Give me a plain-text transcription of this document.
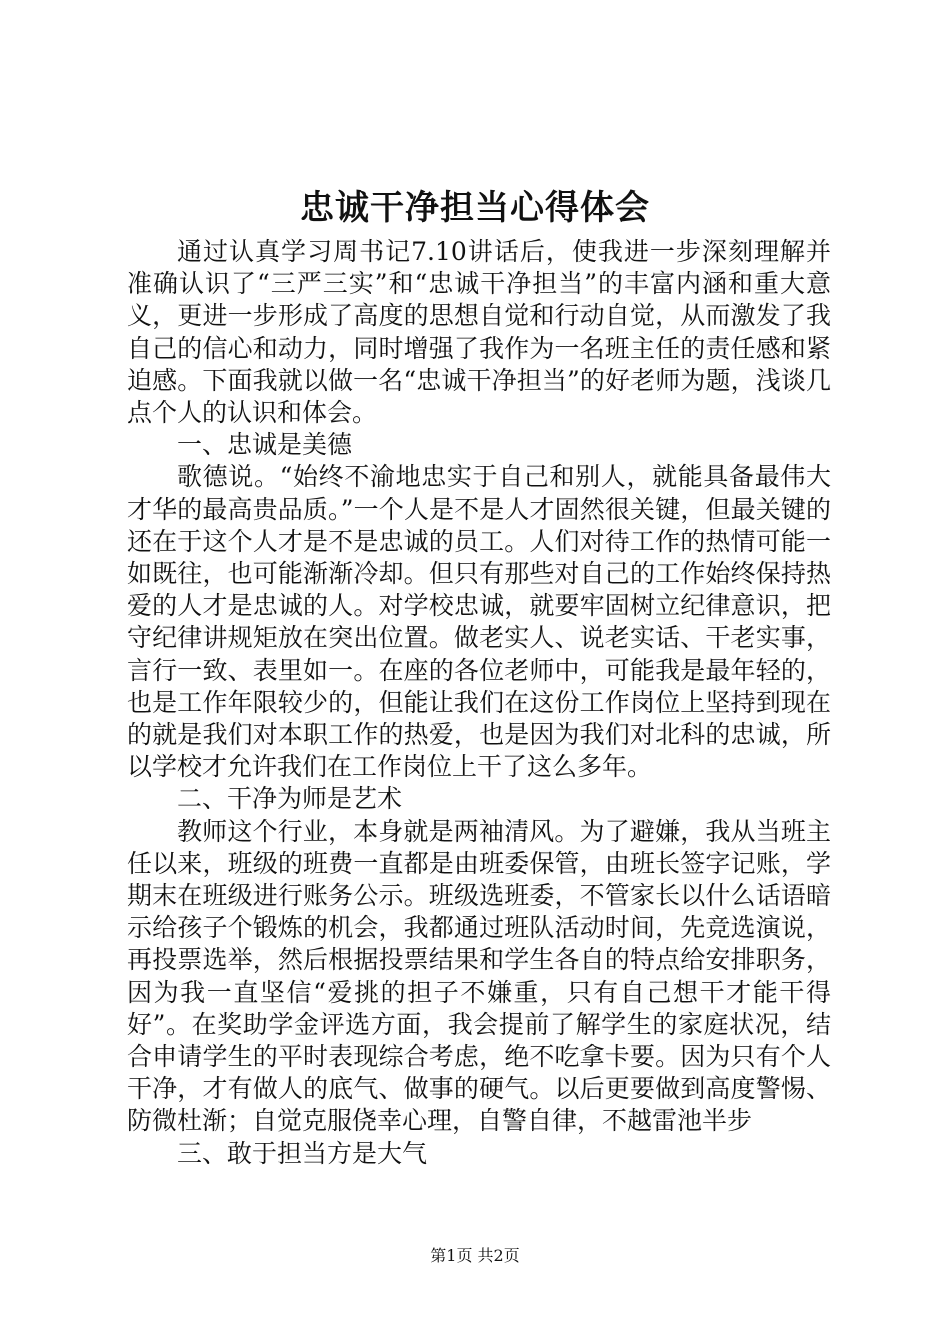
忠诚干净担当心得体会

通过认真学习周书记7.10讲话后，使我进一步深刻理解并准确认识了“三严三实”和“忠诚干净担当”的丰富内涵和重大意义，更进一步形成了高度的思想自觉和行动自觉，从而激发了我自己的信心和动力，同时增强了我作为一名班主任的责任感和紧迫感。下面我就以做一名“忠诚干净担当”的好老师为题，浅谈几点个人的认识和体会。

一、忠诚是美德

歌德说。“始终不渝地忠实于自己和别人，就能具备最伟大才华的最高贵品质。”一个人是不是人才固然很关键，但最关键的还在于这个人才是不是忠诚的员工。人们对待工作的热情可能一如既往，也可能渐渐冷却。但只有那些对自己的工作始终保持热爱的人才是忠诚的人。对学校忠诚，就要牢固树立纪律意识，把守纪律讲规矩放在突出位置。做老实人、说老实话、干老实事，言行一致、表里如一。在座的各位老师中，可能我是最年轻的，也是工作年限较少的，但能让我们在这份工作岗位上坚持到现在的就是我们对本职工作的热爱，也是因为我们对北科的忠诚，所以学校才允许我们在工作岗位上干了这么多年。

二、干净为师是艺术

教师这个行业，本身就是两袖清风。为了避嫌，我从当班主任以来，班级的班费一直都是由班委保管，由班长签字记账，学期末在班级进行账务公示。班级选班委，不管家长以什么话语暗示给孩子个锻炼的机会，我都通过班队活动时间，先竞选演说，再投票选举，然后根据投票结果和学生各自的特点给安排职务，因为我一直坚信“爱挑的担子不嫌重，只有自己想干才能干得好”。在奖助学金评选方面，我会提前了解学生的家庭状况，结合申请学生的平时表现综合考虑，绝不吃拿卡要。因为只有个人干净，才有做人的底气、做事的硬气。以后更要做到高度警惕、防微杜渐；自觉克服侥幸心理，自警自律，不越雷池半步

三、敢于担当方是大气

第1页 共2页
